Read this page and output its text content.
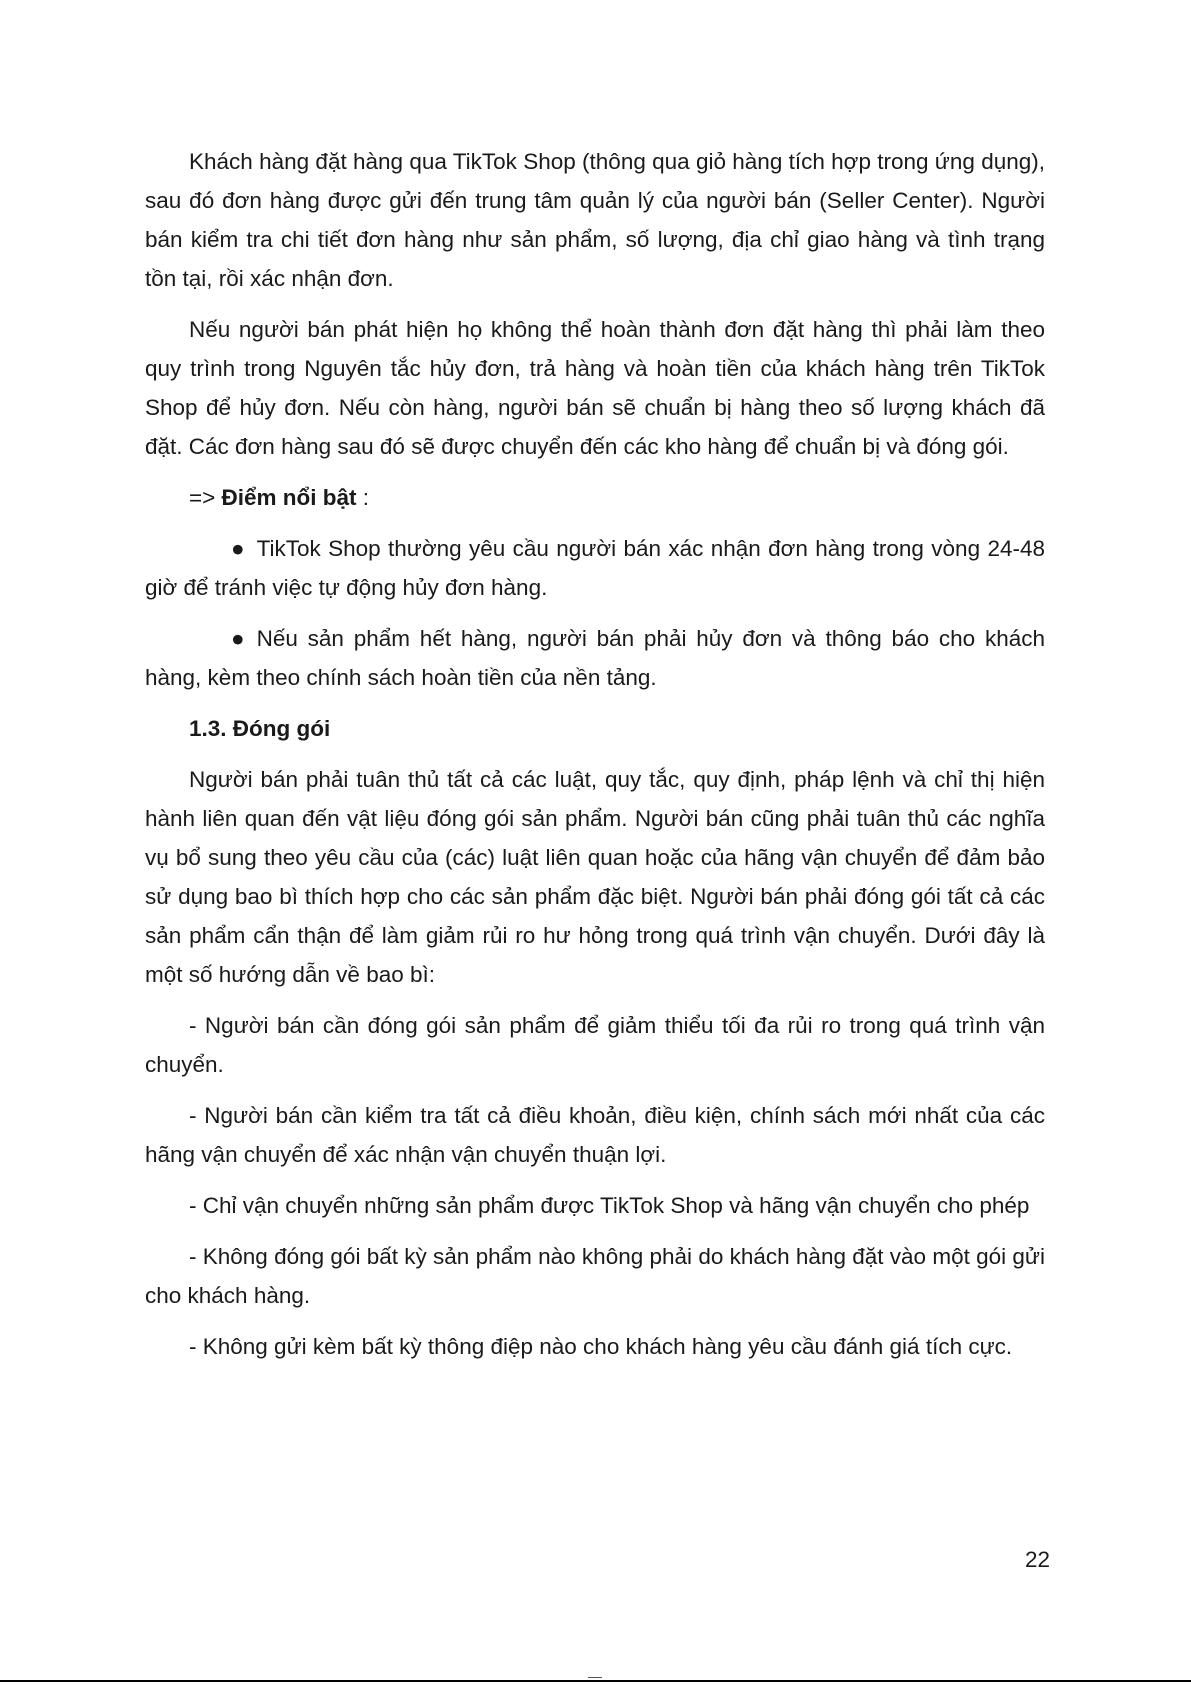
Khách hàng đặt hàng qua TikTok Shop (thông qua giỏ hàng tích hợp trong ứng dụng), sau đó đơn hàng được gửi đến trung tâm quản lý của người bán (Seller Center). Người bán kiểm tra chi tiết đơn hàng như sản phẩm, số lượng, địa chỉ giao hàng và tình trạng tồn tại, rồi xác nhận đơn.

Nếu người bán phát hiện họ không thể hoàn thành đơn đặt hàng thì phải làm theo quy trình trong Nguyên tắc hủy đơn, trả hàng và hoàn tiền của khách hàng trên TikTok Shop để hủy đơn. Nếu còn hàng, người bán sẽ chuẩn bị hàng theo số lượng khách đã đặt. Các đơn hàng sau đó sẽ được chuyển đến các kho hàng để chuẩn bị và đóng gói.

=> Điểm nổi bật :

● TikTok Shop thường yêu cầu người bán xác nhận đơn hàng trong vòng 24-48 giờ để tránh việc tự động hủy đơn hàng.

● Nếu sản phẩm hết hàng, người bán phải hủy đơn và thông báo cho khách hàng, kèm theo chính sách hoàn tiền của nền tảng.

1.3. Đóng gói

Người bán phải tuân thủ tất cả các luật, quy tắc, quy định, pháp lệnh và chỉ thị hiện hành liên quan đến vật liệu đóng gói sản phẩm. Người bán cũng phải tuân thủ các nghĩa vụ bổ sung theo yêu cầu của (các) luật liên quan hoặc của hãng vận chuyển để đảm bảo sử dụng bao bì thích hợp cho các sản phẩm đặc biệt. Người bán phải đóng gói tất cả các sản phẩm cẩn thận để làm giảm rủi ro hư hỏng trong quá trình vận chuyển. Dưới đây là một số hướng dẫn về bao bì:

- Người bán cần đóng gói sản phẩm để giảm thiểu tối đa rủi ro trong quá trình vận chuyển.

- Người bán cần kiểm tra tất cả điều khoản, điều kiện, chính sách mới nhất của các hãng vận chuyển để xác nhận vận chuyển thuận lợi.

- Chỉ vận chuyển những sản phẩm được TikTok Shop và hãng vận chuyển cho phép

- Không đóng gói bất kỳ sản phẩm nào không phải do khách hàng đặt vào một gói gửi cho khách hàng.

- Không gửi kèm bất kỳ thông điệp nào cho khách hàng yêu cầu đánh giá tích cực.

22
